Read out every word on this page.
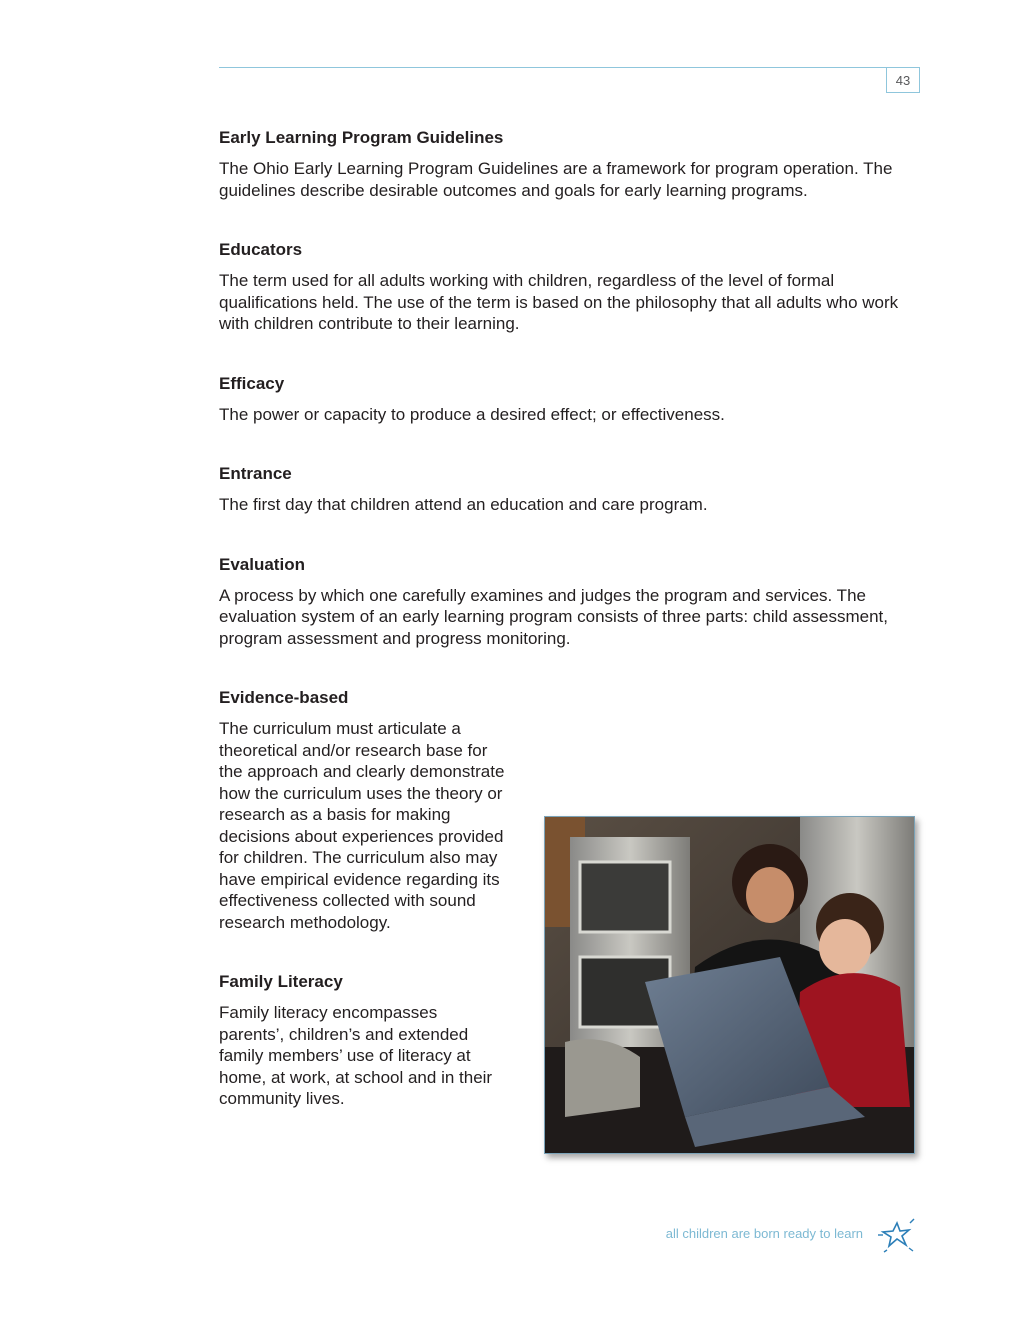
43

Early Learning Program Guidelines

The Ohio Early Learning Program Guidelines are a framework for program operation. The guidelines describe desirable outcomes and goals for early learning programs.

Educators

The term used for all adults working with children, regardless of the level of formal qualifications held. The use of the term is based on the philosophy that all adults who work with children contribute to their learning.

Efficacy

The power or capacity to produce a desired effect; or effectiveness.

Entrance

The first day that children attend an education and care program.

Evaluation

A process by which one carefully examines and judges the program and services. The evaluation system of an early learning program consists of three parts: child assessment, program assessment and progress monitoring.

Evidence-based

The curriculum must articulate a theoretical and/or research base for the approach and clearly demonstrate how the curriculum uses the theory or research as a basis for making decisions about experiences provided for children. The curriculum also may have empirical evidence regarding its effectiveness collected with sound research methodology.

Family Literacy

Family literacy encompasses parents’, children’s and extended family members’ use of literacy at home, at work, at school and in their community lives.

all children are born ready to learn
